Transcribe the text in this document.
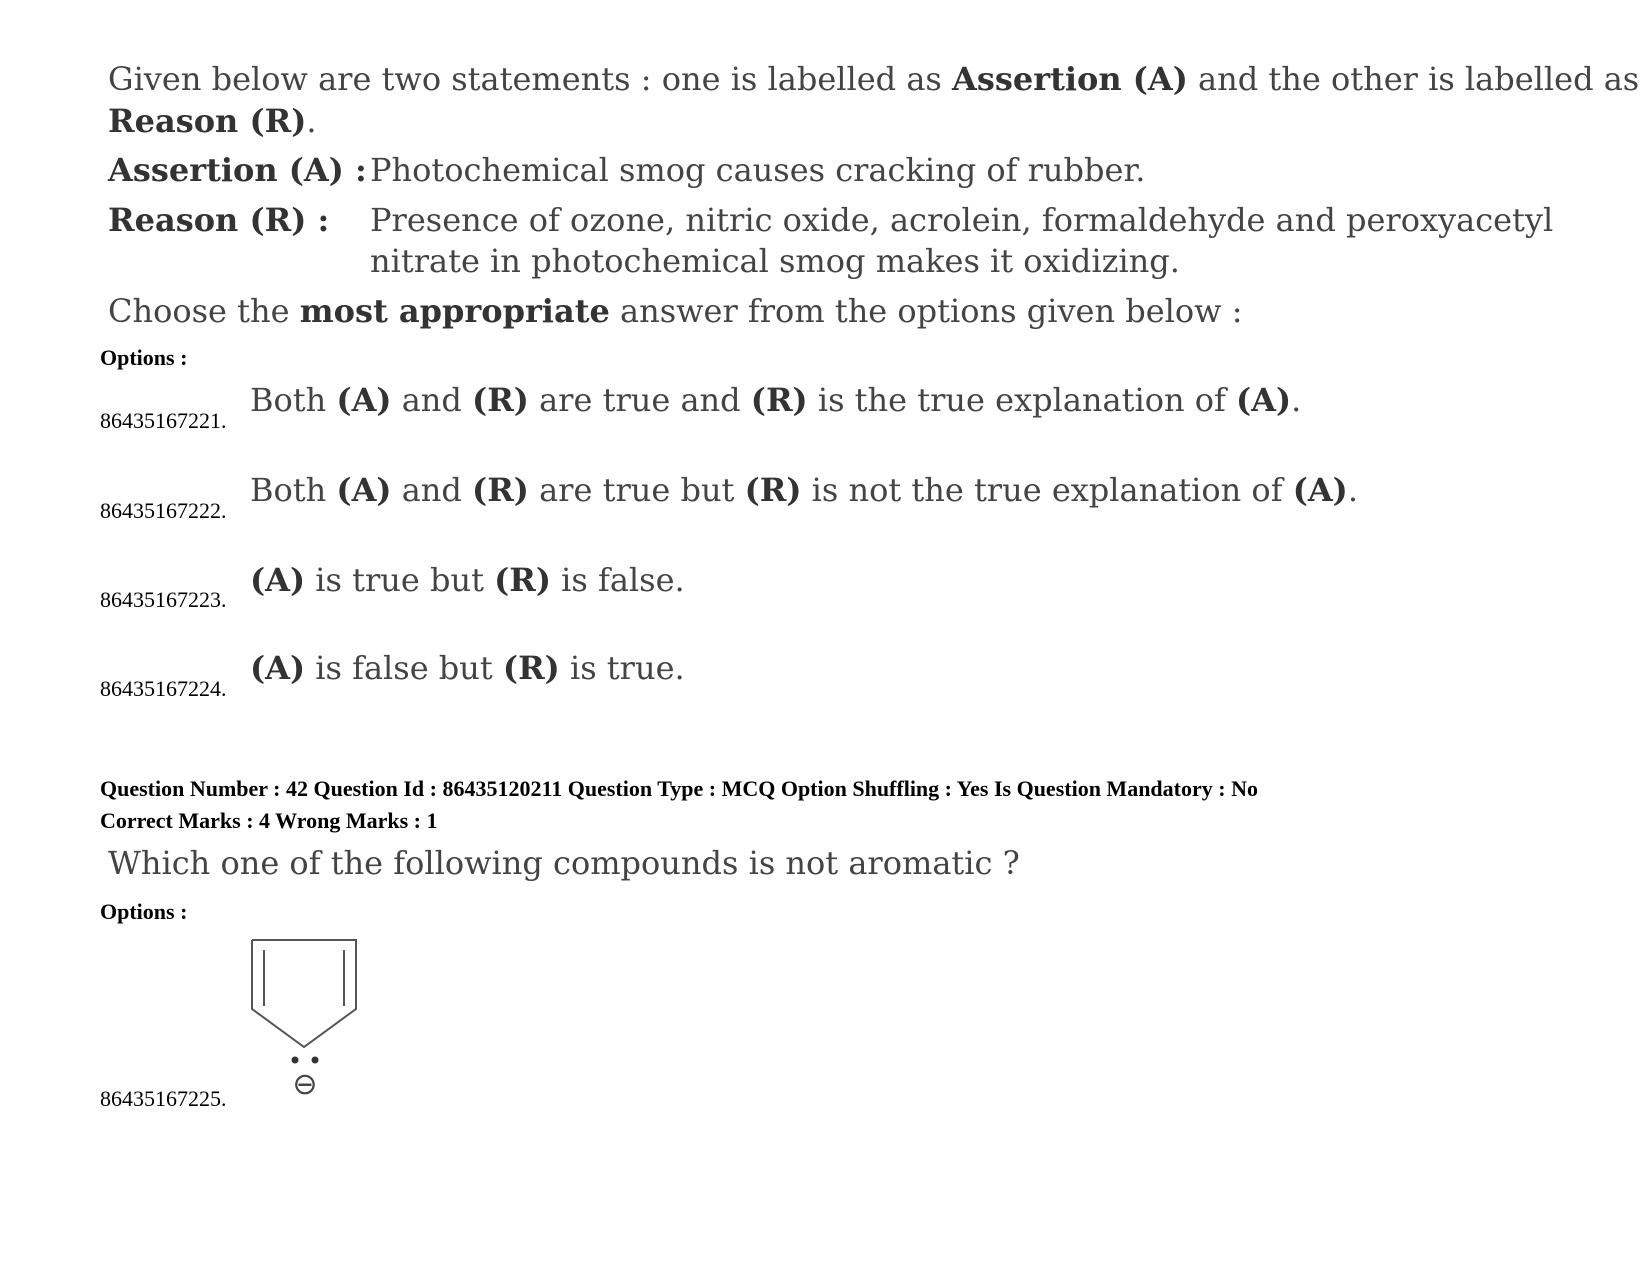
Given below are two statements : one is labelled as Assertion (A) and the other is labelled as
Reason (R).
Assertion (A) : Photochemical smog causes cracking of rubber.
Reason (R) : Presence of ozone, nitric oxide, acrolein, formaldehyde and peroxyacetyl
nitrate in photochemical smog makes it oxidizing.
Choose the most appropriate answer from the options given below :
Options :
86435167221.
Both (A) and (R) are true and (R) is the true explanation of (A).
86435167222.
Both (A) and (R) are true but (R) is not the true explanation of (A).
86435167223.
(A) is true but (R) is false.
86435167224.
(A) is false but (R) is true.
Question Number : 42 Question Id : 86435120211 Question Type : MCQ Option Shuffling : Yes Is Question Mandatory : No
Correct Marks : 4 Wrong Marks : 1
Which one of the following compounds is not aromatic ?
Options :
86435167225. ⊖
